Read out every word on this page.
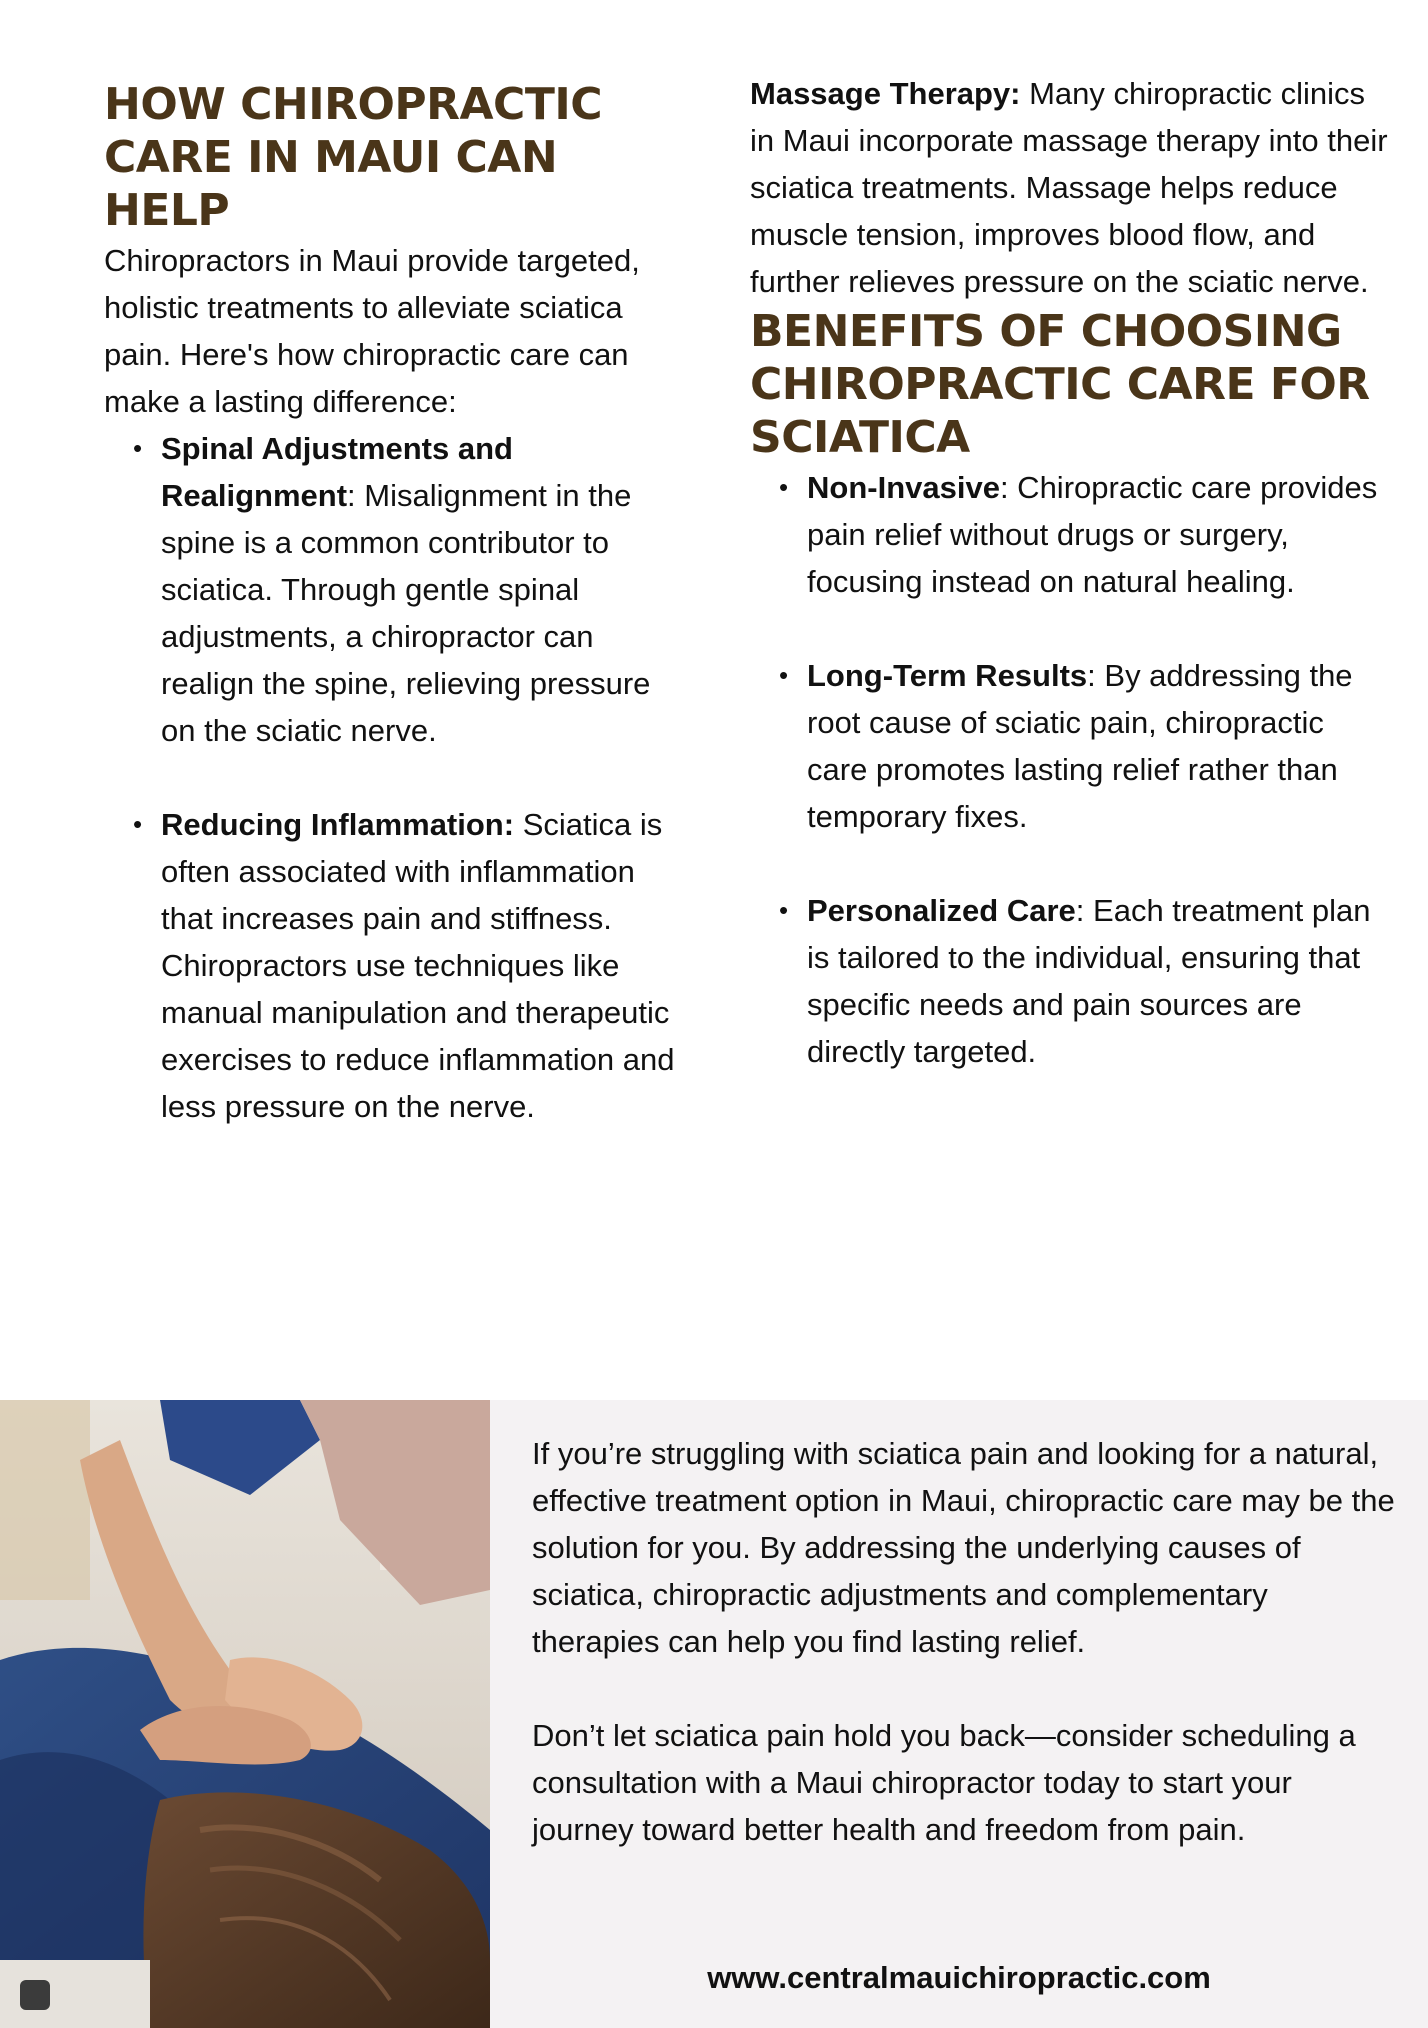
HOW CHIROPRACTIC CARE IN MAUI CAN HELP

Chiropractors in Maui provide targeted, holistic treatments to alleviate sciatica pain. Here's how chiropractic care can make a lasting difference:

• Spinal Adjustments and Realignment: Misalignment in the spine is a common contributor to sciatica. Through gentle spinal adjustments, a chiropractor can realign the spine, relieving pressure on the sciatic nerve.
• Reducing Inflammation: Sciatica is often associated with inflammation that increases pain and stiffness. Chiropractors use techniques like manual manipulation and therapeutic exercises to reduce inflammation and less pressure on the nerve.

Massage Therapy: Many chiropractic clinics in Maui incorporate massage therapy into their sciatica treatments. Massage helps reduce muscle tension, improves blood flow, and further relieves pressure on the sciatic nerve.

BENEFITS OF CHOOSING CHIROPRACTIC CARE FOR SCIATICA
• Non-Invasive: Chiropractic care provides pain relief without drugs or surgery, focusing instead on natural healing.
• Long-Term Results: By addressing the root cause of sciatic pain, chiropractic care promotes lasting relief rather than temporary fixes.
• Personalized Care: Each treatment plan is tailored to the individual, ensuring that specific needs and pain sources are directly targeted.

If you’re struggling with sciatica pain and looking for a natural, effective treatment option in Maui, chiropractic care may be the solution for you. By addressing the underlying causes of sciatica, chiropractic adjustments and complementary therapies can help you find lasting relief.

Don’t let sciatica pain hold you back—consider scheduling a consultation with a Maui chiropractor today to start your journey toward better health and freedom from pain.

www.centralmauichiropractic.com
